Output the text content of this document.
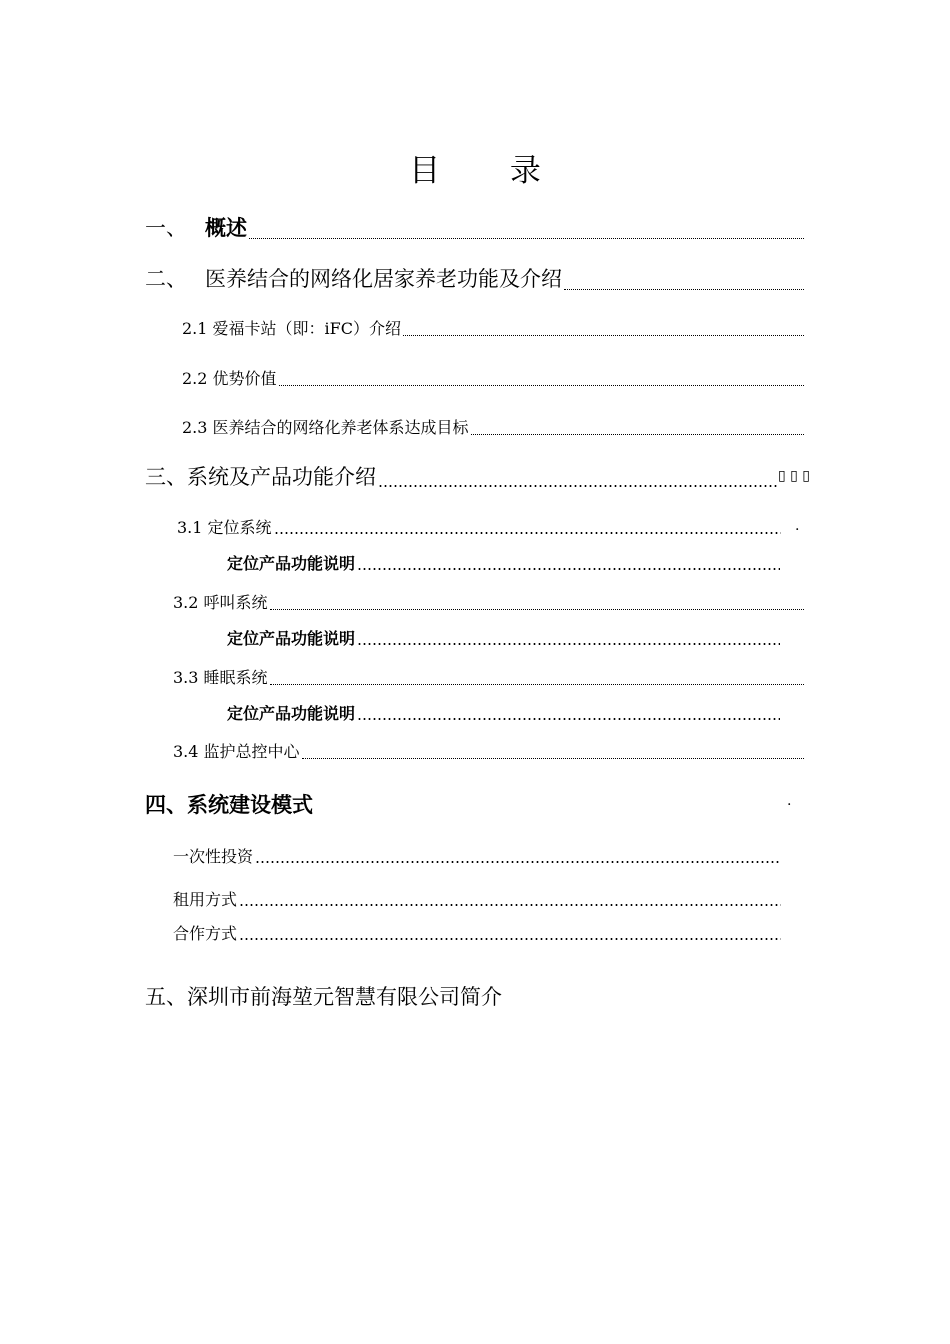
目 录
一、 概述
二、 医养结合的网络化居家养老功能及介绍
2.1 爱福卡站（即：iFC）介绍
2.2 优势价值
2.3 医养结合的网络化养老体系达成目标
三、系统及产品功能介绍	▯ ▯ ▯
3.1 定位系统	.
定位产品功能说明
3.2 呼叫系统
定位产品功能说明
3.3 睡眠系统
定位产品功能说明
3.4 监护总控中心
四、系统建设模式	.
一次性投资
租用方式
合作方式
五、深圳市前海堃元智慧有限公司简介
